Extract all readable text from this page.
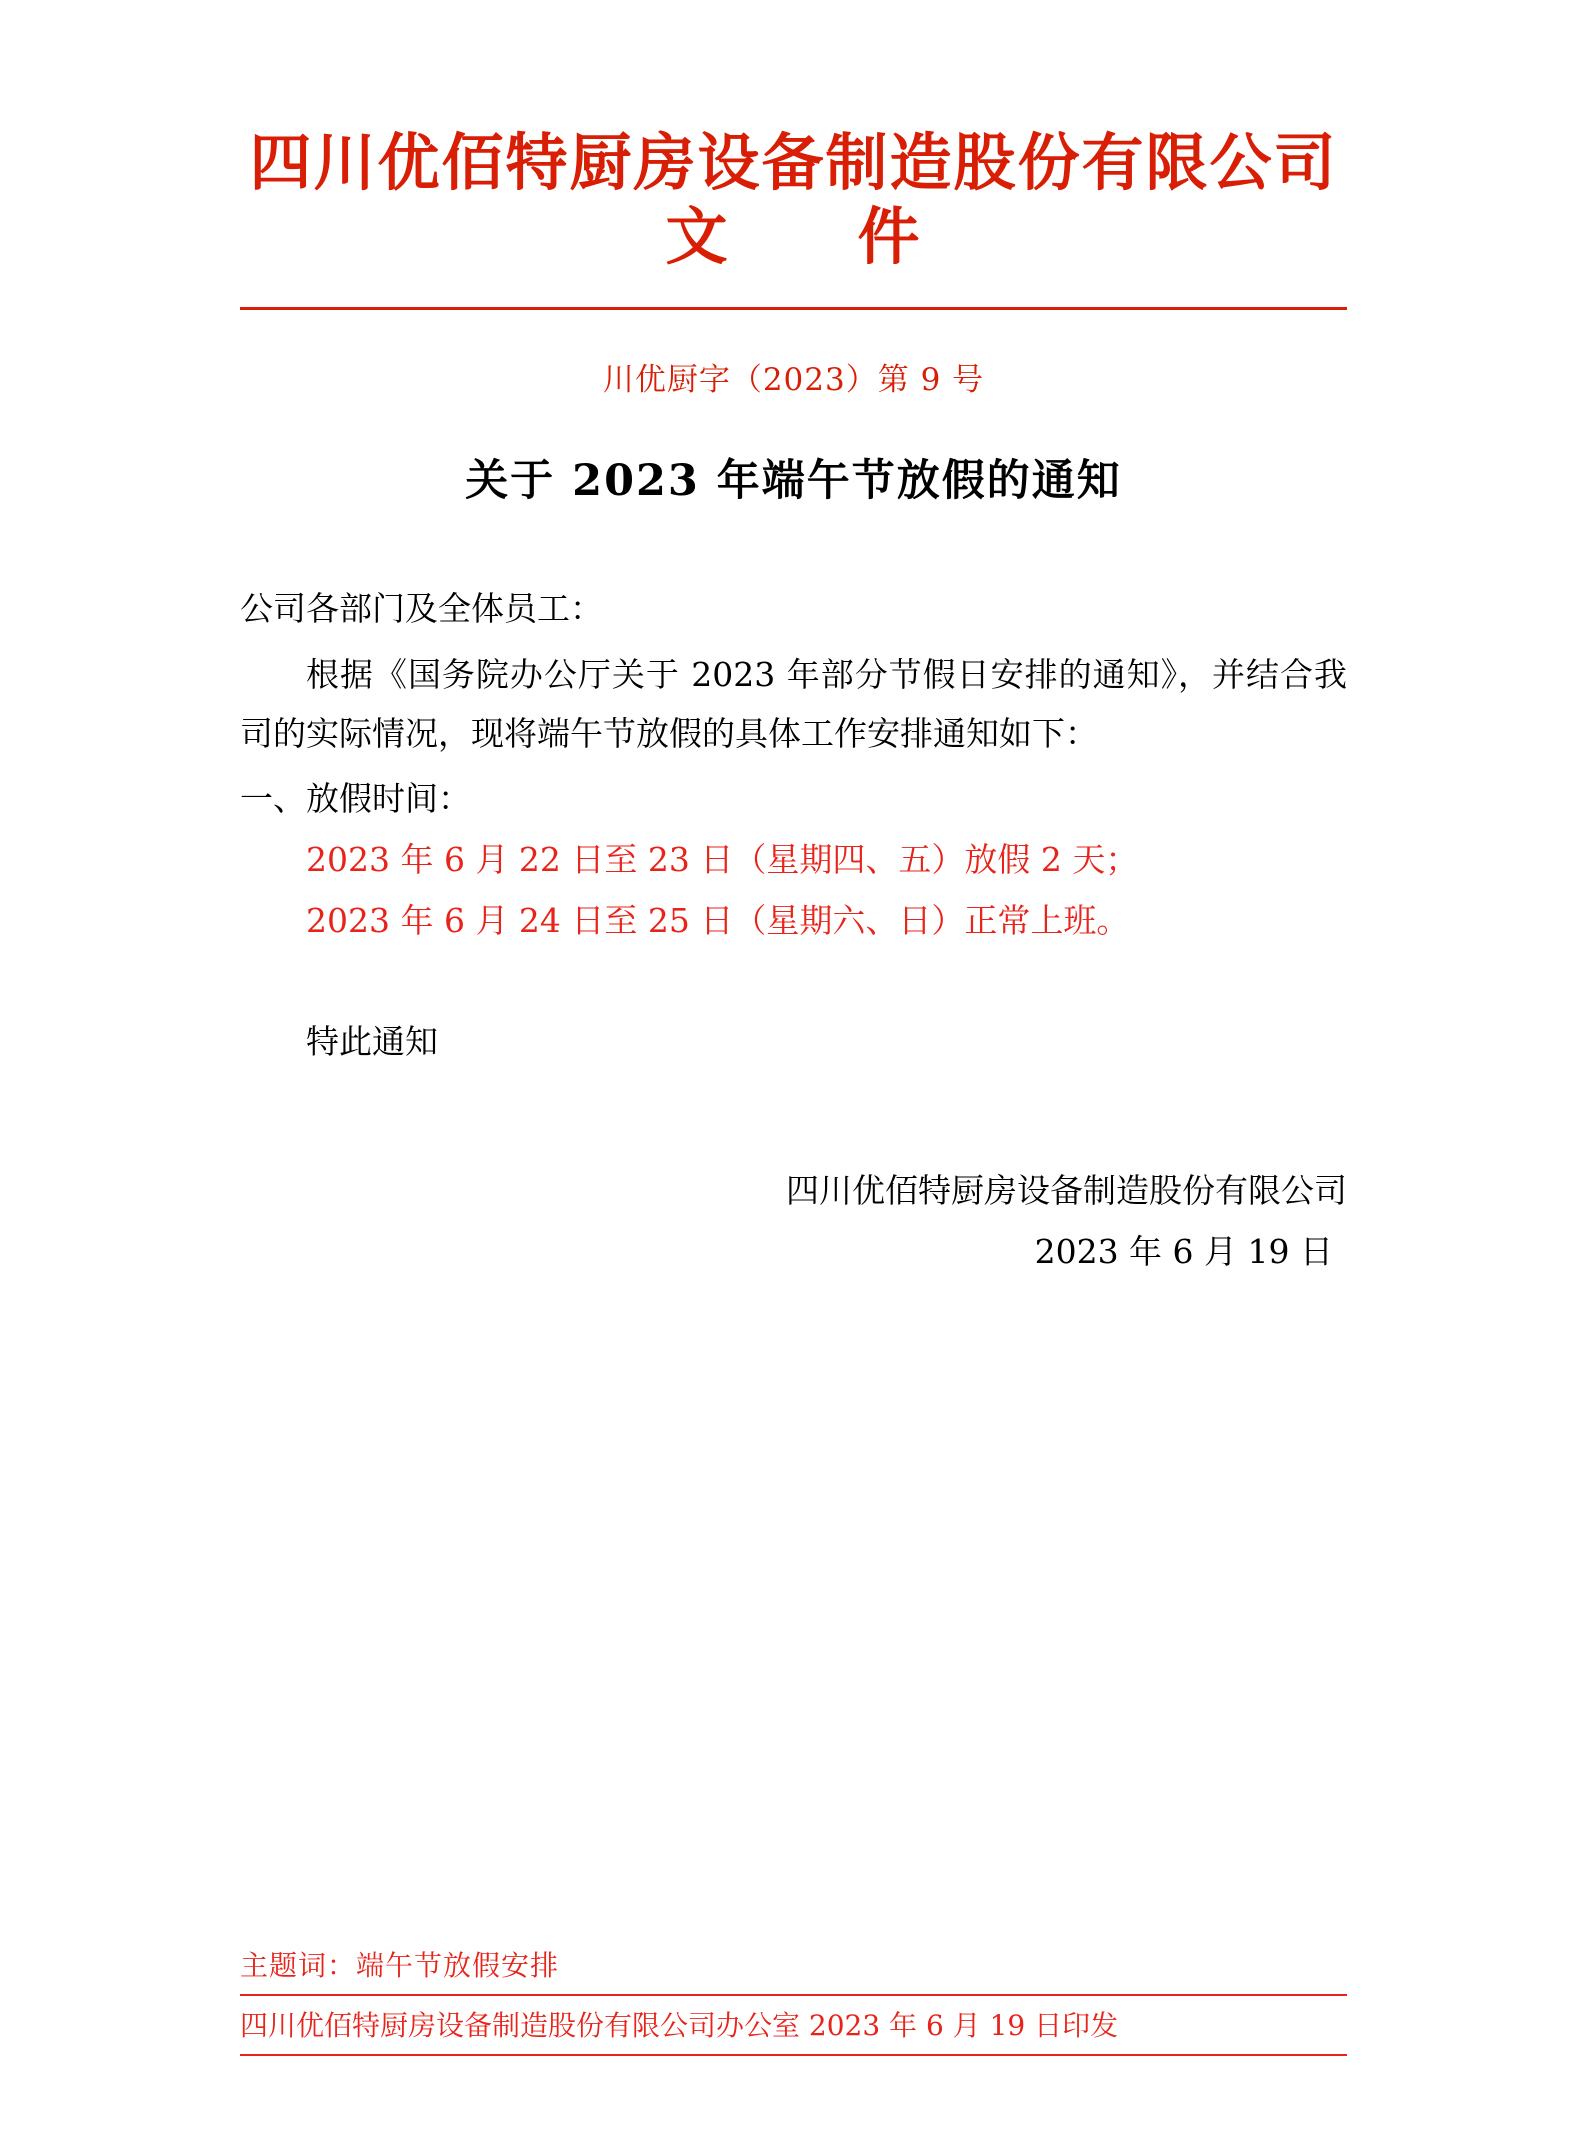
四川优佰特厨房设备制造股份有限公司
文　　件
川优厨字（2023）第 9 号
关于 2023 年端午节放假的通知
公司各部门及全体员工：
根据《国务院办公厅关于 2023 年部分节假日安排的通知》，并结合我司的实际情况，现将端午节放假的具体工作安排通知如下：
一、放假时间：
2023 年 6 月 22 日至 23 日（星期四、五）放假 2 天；
2023 年 6 月 24 日至 25 日（星期六、日）正常上班。
特此通知
四川优佰特厨房设备制造股份有限公司
2023 年 6 月 19 日
主题词：端午节放假安排
四川优佰特厨房设备制造股份有限公司办公室 2023 年 6 月 19 日印发
